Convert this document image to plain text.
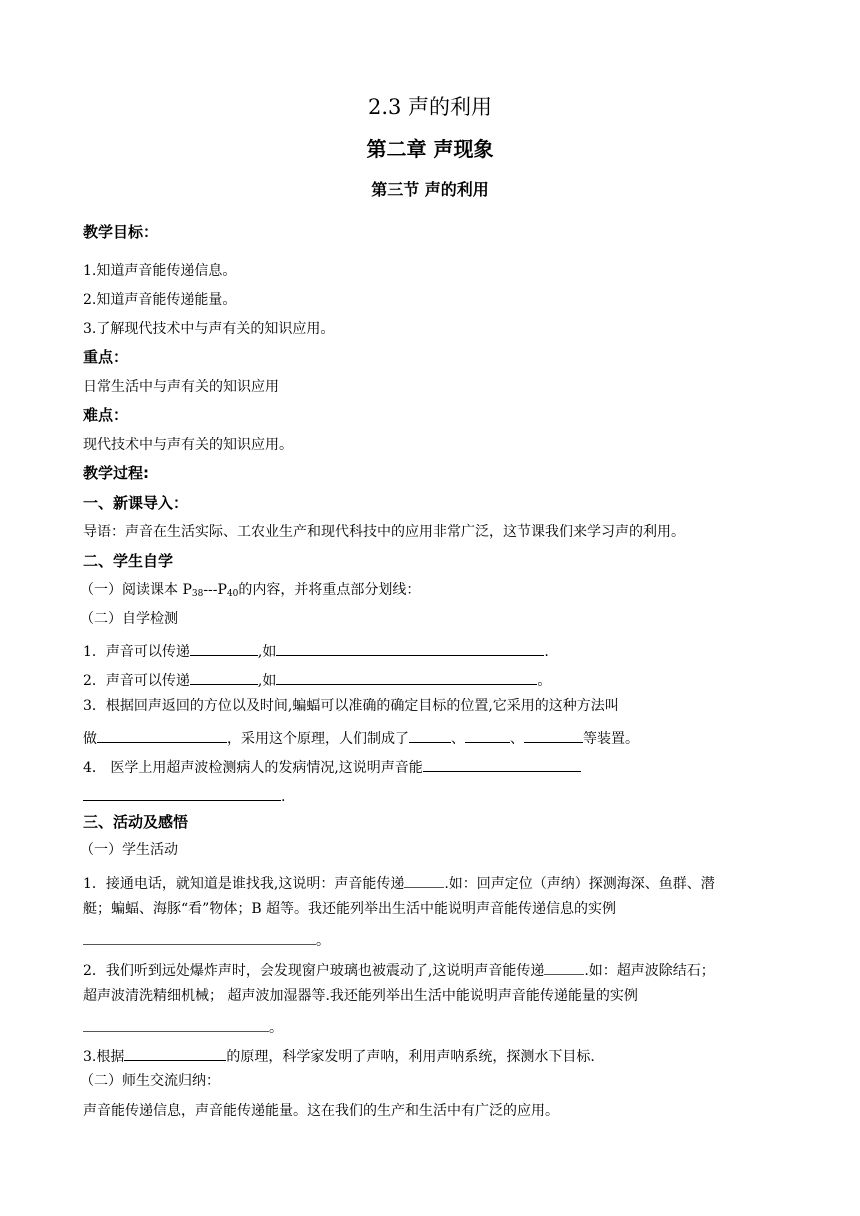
2.3 声的利用
第二章 声现象
第三节 声的利用
教学目标：
1.知道声音能传递信息。
2.知道声音能传递能量。
3.了解现代技术中与声有关的知识应用。
重点：
日常生活中与声有关的知识应用
难点：
现代技术中与声有关的知识应用。
教学过程:
一、新课导入：
导语：声音在生活实际、工农业生产和现代科技中的应用非常广泛，这节课我们来学习声的利用。
二、学生自学
（一）阅读课本 $P_{38}---P_{40}$的内容，并将重点部分划线：
（二）自学检测
1．声音可以传递	,如	.
2．声音可以传递	,如	。
3．根据回声返回的方位以及时间,蝙蝠可以准确的确定目标的位置,它采用的这种方法叫
做	，采用这个原理，人们制成了	、	、	等装置。
4． 医学上用超声波检测病人的发病情况,这说明声音能
.
三、活动及感悟
（一）学生活动
1．接通电话，就知道是谁找我,这说明：声音能传递	.如：回声定位（声纳）探测海深、鱼群、潜
艇；蝙蝠、海豚“看”物体；B 超等。我还能列举出生活中能说明声音能传递信息的实例
。
2．我们听到远处爆炸声时，会发现窗户玻璃也被震动了,这说明声音能传递	.如：超声波除结石；
超声波清洗精细机械； 超声波加湿器等.我还能列举出生活中能说明声音能传递能量的实例
。
3.根据	的原理，科学家发明了声呐，利用声呐系统，探测水下目标.
（二）师生交流归纳：
声音能传递信息，声音能传递能量。这在我们的生产和生活中有广泛的应用。
